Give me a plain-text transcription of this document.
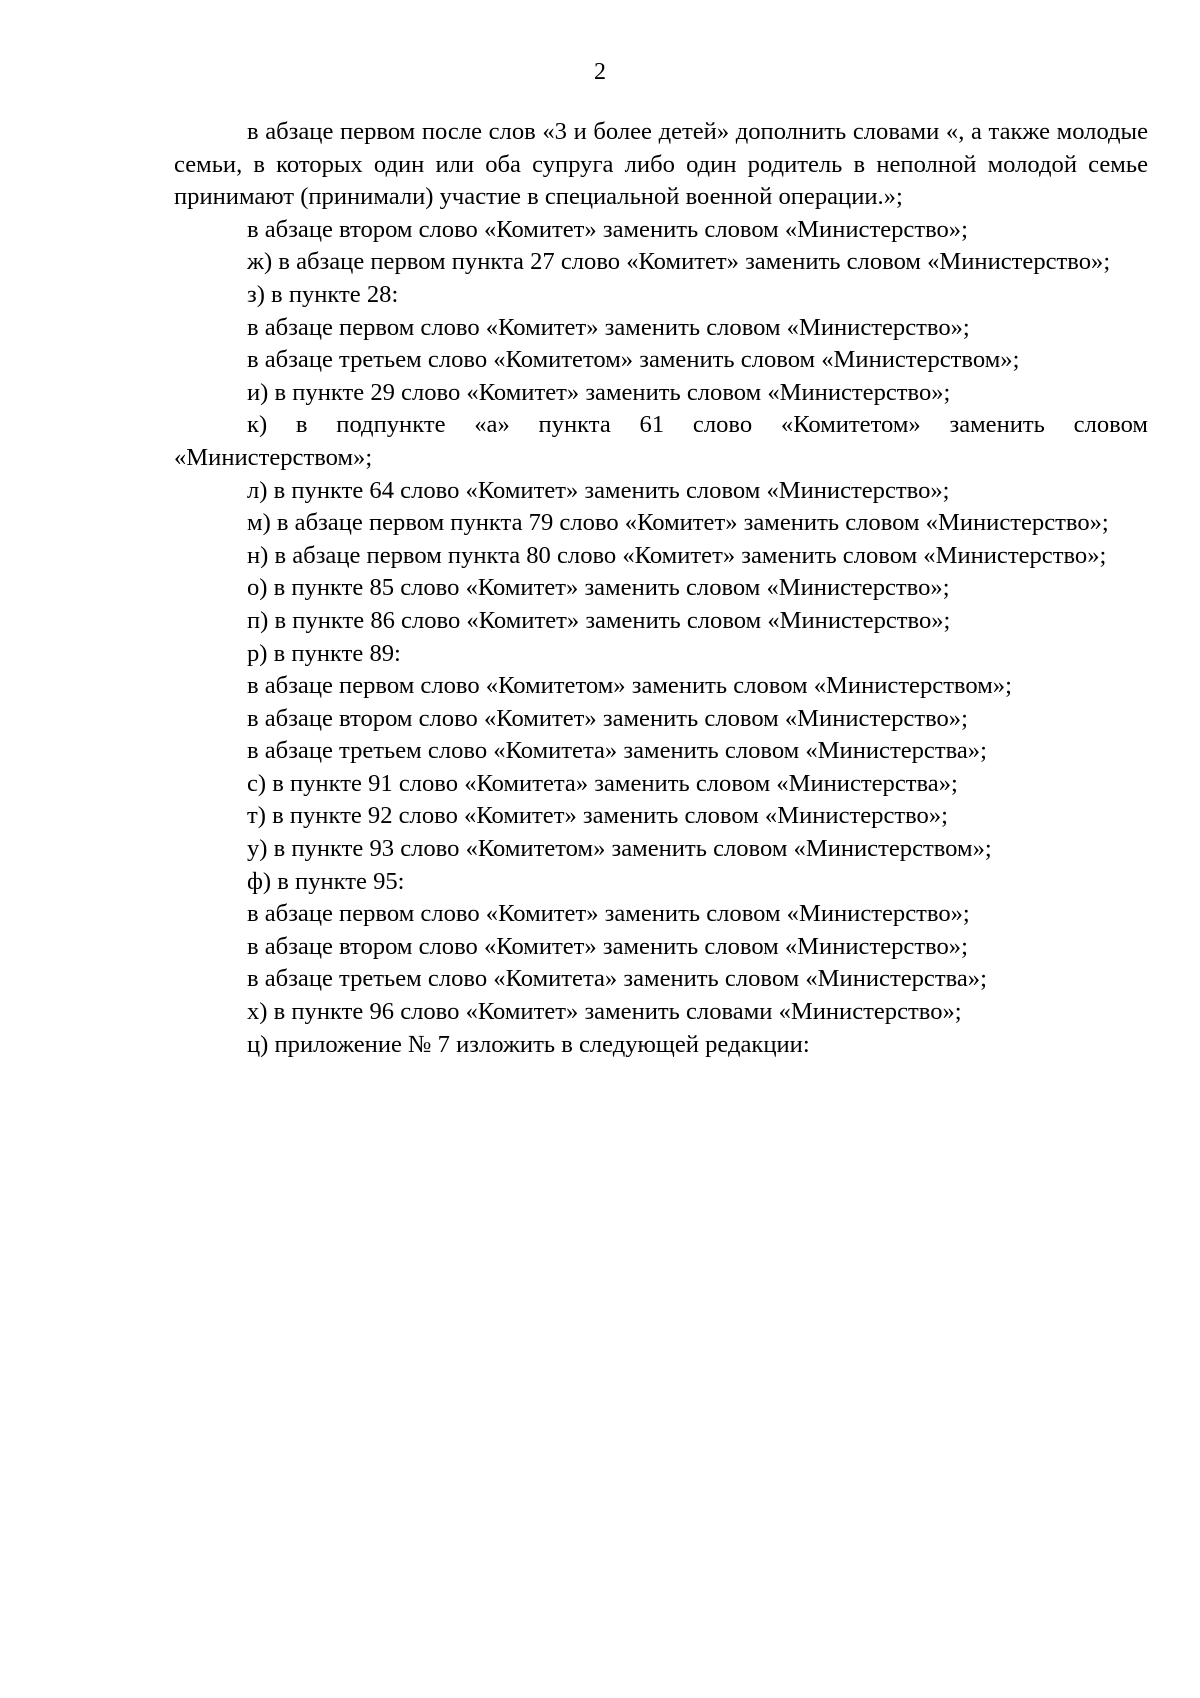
2

в абзаце первом после слов «3 и более детей» дополнить словами «, а также молодые семьи, в которых один или оба супруга либо один родитель в неполной молодой семье принимают (принимали) участие в специальной военной операции.»;

в абзаце втором слово «Комитет» заменить словом «Министерство»;

ж) в абзаце первом пункта 27 слово «Комитет» заменить словом «Министерство»;

з) в пункте 28:

в абзаце первом слово «Комитет» заменить словом «Министерство»;

в абзаце третьем слово «Комитетом» заменить словом «Министерством»;

и) в пункте 29 слово «Комитет» заменить словом «Министерство»;

к) в подпункте «а» пункта 61 слово «Комитетом» заменить словом «Министерством»;

л) в пункте 64 слово «Комитет» заменить словом «Министерство»;

м) в абзаце первом пункта 79 слово «Комитет» заменить словом «Министерство»;

н) в абзаце первом пункта 80 слово «Комитет» заменить словом «Министерство»;

о) в пункте 85 слово «Комитет» заменить словом «Министерство»;

п) в пункте 86 слово «Комитет» заменить словом «Министерство»;

р) в пункте 89:

в абзаце первом слово «Комитетом» заменить словом «Министерством»;

в абзаце втором слово «Комитет» заменить словом «Министерство»;

в абзаце третьем слово «Комитета» заменить словом «Министерства»;

с) в пункте 91 слово «Комитета» заменить словом «Министерства»;

т) в пункте 92 слово «Комитет» заменить словом «Министерство»;

у) в пункте 93 слово «Комитетом» заменить словом «Министерством»;

ф) в пункте 95:

в абзаце первом слово «Комитет» заменить словом «Министерство»;

в абзаце втором слово «Комитет» заменить словом «Министерство»;

в абзаце третьем слово «Комитета» заменить словом «Министерства»;

х) в пункте 96 слово «Комитет» заменить словами «Министерство»;

ц) приложение № 7 изложить в следующей редакции:
